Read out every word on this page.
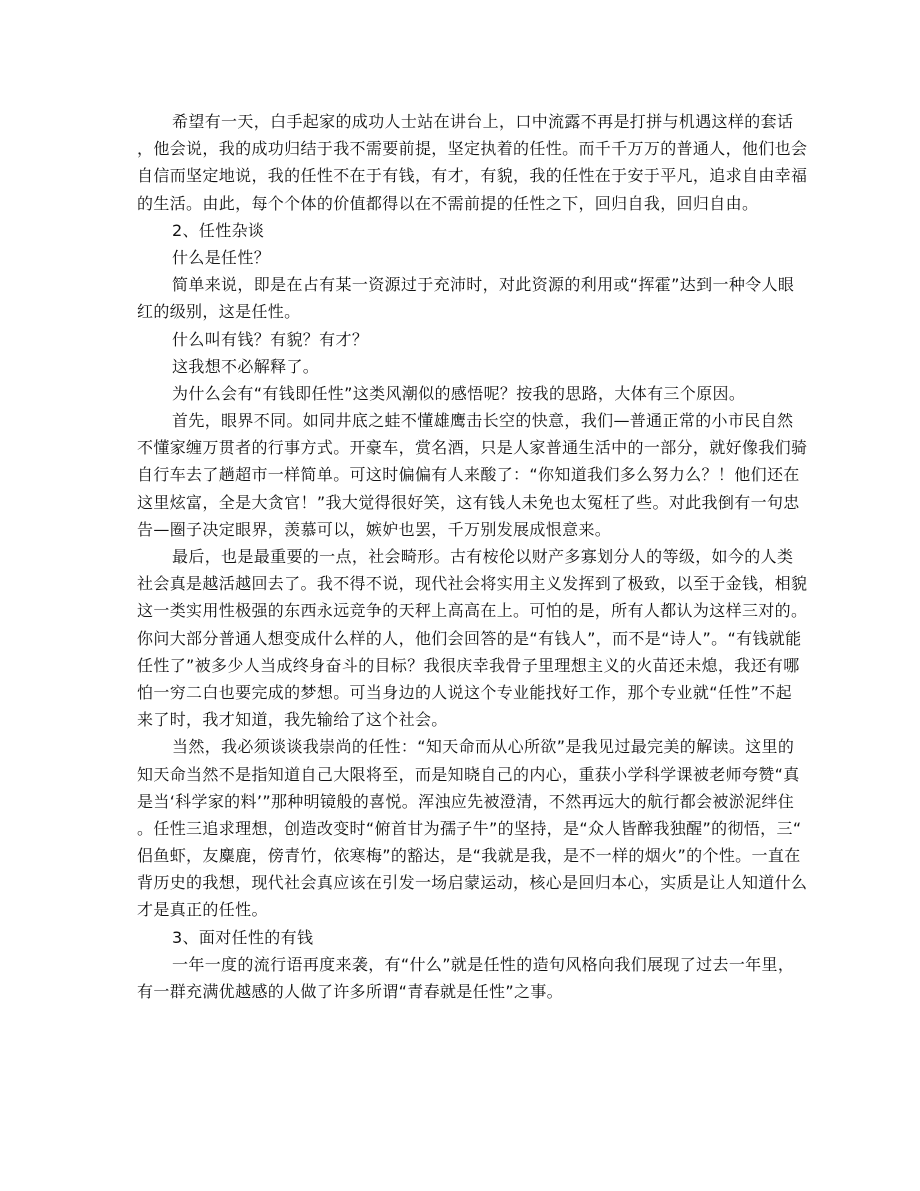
希望有一天，白手起家的成功人士站在讲台上，口中流露不再是打拼与机遇这样的套话
，他会说，我的成功归结于我不需要前提，坚定执着的任性。而千千万万的普通人，他们也会
自信而坚定地说，我的任性不在于有钱，有才，有貌，我的任性在于安于平凡，追求自由幸福
的生活。由此，每个个体的价值都得以在不需前提的任性之下，回归自我，回归自由。
2、任性杂谈
什么是任性？
简单来说，即是在占有某一资源过于充沛时，对此资源的利用或“挥霍”达到一种令人眼
红的级别，这是任性。
什么叫有钱？有貌？有才？
这我想不必解释了。
为什么会有“有钱即任性”这类风潮似的感悟呢？按我的思路，大体有三个原因。
首先，眼界不同。如同井底之蛙不懂雄鹰击长空的快意，我们—普通正常的小市民自然
不懂家缠万贯者的行事方式。开豪车，赏名酒，只是人家普通生活中的一部分，就好像我们骑
自行车去了趟超市一样简单。可这时偏偏有人来酸了：“你知道我们多么努力么？！他们还在
这里炫富，全是大贪官！”我大觉得很好笑，这有钱人未免也太冤枉了些。对此我倒有一句忠
告—圈子决定眼界，羡慕可以，嫉妒也罢，千万别发展成恨意来。
最后，也是最重要的一点，社会畸形。古有桉伦以财产多寡划分人的等级，如今的人类
社会真是越活越回去了。我不得不说，现代社会将实用主义发挥到了极致，以至于金钱，相貌
这一类实用性极强的东西永远竞争的天秤上高高在上。可怕的是，所有人都认为这样三对的。
你问大部分普通人想变成什么样的人，他们会回答的是“有钱人”，而不是“诗人”。“有钱就能
任性了”被多少人当成终身奋斗的目标？我很庆幸我骨子里理想主义的火苗还未熄，我还有哪
怕一穷二白也要完成的梦想。可当身边的人说这个专业能找好工作，那个专业就“任性”不起
来了时，我才知道，我先输给了这个社会。
当然，我必须谈谈我崇尚的任性：“知天命而从心所欲”是我见过最完美的解读。这里的
知天命当然不是指知道自己大限将至，而是知晓自己的内心，重获小学科学课被老师夸赞“真
是当‘科学家的料’”那种明镜般的喜悦。浑浊应先被澄清，不然再远大的航行都会被淤泥绊住
。任性三追求理想，创造改变时“俯首甘为孺子牛”的坚持，是“众人皆醉我独醒”的彻悟，三“
侣鱼虾，友麋鹿，傍青竹，依寒梅”的豁达，是“我就是我，是不一样的烟火”的个性。一直在
背历史的我想，现代社会真应该在引发一场启蒙运动，核心是回归本心，实质是让人知道什么
才是真正的任性。
3、面对任性的有钱
一年一度的流行语再度来袭，有“什么”就是任性的造句风格向我们展现了过去一年里，
有一群充满优越感的人做了许多所谓“青春就是任性”之事。
